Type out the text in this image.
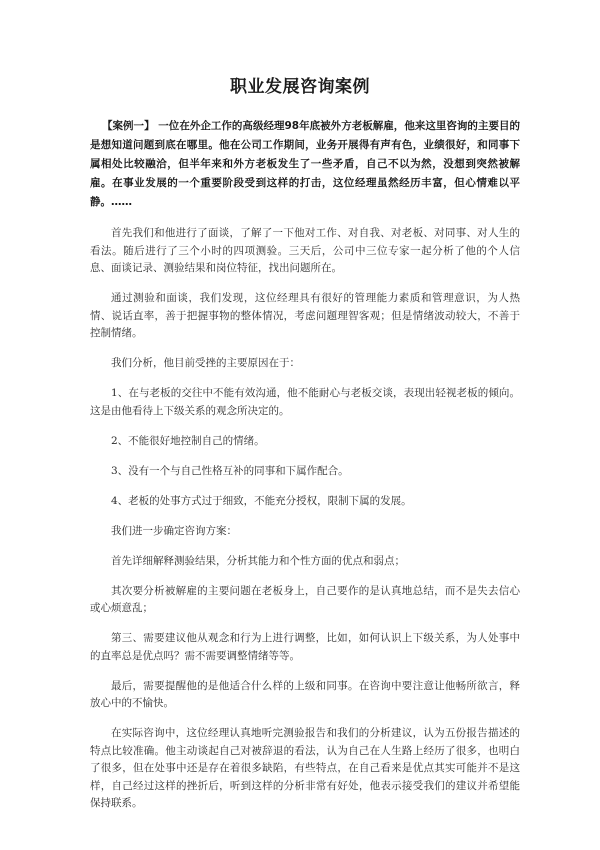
职业发展咨询案例

【案例一】 一位在外企工作的高级经理98年底被外方老板解雇，他来这里咨询的主要目的是想知道问题到底在哪里。他在公司工作期间，业务开展得有声有色，业绩很好，和同事下属相处比较融洽，但半年来和外方老板发生了一些矛盾，自己不以为然，没想到突然被解雇。在事业发展的一个重要阶段受到这样的打击，这位经理虽然经历丰富，但心情难以平静。……

首先我们和他进行了面谈，了解了一下他对工作、对自我、对老板、对同事、对人生的看法。随后进行了三个小时的四项测验。三天后，公司中三位专家一起分析了他的个人信息、面谈记录、测验结果和岗位特征，找出问题所在。

通过测验和面谈，我们发现，这位经理具有很好的管理能力素质和管理意识，为人热情、说话直率，善于把握事物的整体情况，考虑问题理智客观；但是情绪波动较大，不善于控制情绪。

我们分析，他目前受挫的主要原因在于：

1、在与老板的交往中不能有效沟通，他不能耐心与老板交谈，表现出轻视老板的倾向。这是由他看待上下级关系的观念所决定的。

2、不能很好地控制自己的情绪。

3、没有一个与自己性格互补的同事和下属作配合。

4、老板的处事方式过于细致，不能充分授权，限制下属的发展。

我们进一步确定咨询方案：

首先详细解释测验结果，分析其能力和个性方面的优点和弱点；

其次要分析被解雇的主要问题在老板身上，自己要作的是认真地总结，而不是失去信心或心烦意乱；

第三、需要建议他从观念和行为上进行调整，比如，如何认识上下级关系，为人处事中的直率总是优点吗？需不需要调整情绪等等。

最后，需要提醒他的是他适合什么样的上级和同事。在咨询中要注意让他畅所欲言，释放心中的不愉快。

在实际咨询中，这位经理认真地听完测验报告和我们的分析建议，认为五份报告描述的特点比较准确。他主动谈起自己对被辞退的看法，认为自己在人生路上经历了很多，也明白了很多，但在处事中还是存在着很多缺陷，有些特点，在自己看来是优点其实可能并不是这样，自己经过这样的挫折后，听到这样的分析非常有好处，他表示接受我们的建议并希望能保持联系。
